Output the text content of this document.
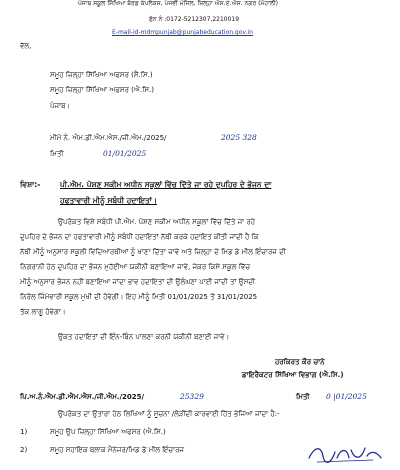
ਪੰਜਾਬ ਸਕੂਲ ਸਿੱਖਿਆ ਬੋਰਡ ਕੰਪਲੈਕਸ, ਪੰਜਵੀਂ ਮੰਜਿਲ, ਜਿਲ੍ਹਾ ਐਸ.ਏ.ਐਸ. ਨਗਰ (ਮੋਹਾਲੀ)
ਫੋਨ ਨੰ :0172-5212307,2210019
E-mail-id-mdmpunjab@punjabeducation.gov.in
ਵੱਲ,
ਸਮੂਹ ਜ਼ਿਲ੍ਹਾ ਸਿੱਖਿਆ ਅਫਸਰ (ਸੈ.ਸਿ.)
ਸਮੂਹ ਜ਼ਿਲ੍ਹਾ ਸਿੱਖਿਆ ਅਫਸਰ (ਐ.ਸਿ.)
ਪੰਜਾਬ।
ਮੀਮੋ ਨੰ. ਐਮ.ਡੀ.ਐਮ.ਐਸ./ਜੀ.ਐਮ./2025/	2025 328
ਮਿਤੀ	01/01/2025
ਵਿਸ਼ਾ:-	ਪੀ.ਐਮ. ਪੋਸ਼ਣ ਸਕੀਮ ਅਧੀਨ ਸਕੂਲਾਂ ਵਿੱਚ ਦਿੱਤੇ ਜਾ ਰਹੇ ਦੁਪਹਿਰ ਦੇ ਭੋਜਨ ਦਾ
ਹਫਤਾਵਾਰੀ ਮੀਨੂੰ ਸਬੰਧੀ ਹਦਾਇਤਾਂ।
ਉਪਰੋਕਤ ਵਿਸ਼ੇ ਸਬੰਧੀ ਪੀ.ਐਮ. ਪੋਸ਼ਣ ਸਕੀਮ ਅਧੀਨ ਸਕੂਲਾਂ ਵਿੱਚ ਦਿੱਤੇ ਜਾ ਰਹੇ
ਦੁਪਹਿਰ ਦੇ ਭੋਜਨ ਦਾ ਹਫਤਾਵਾਰੀ ਮੀਨੂੰ ਸਬੰਧੀ ਹਦਾਇਤਾਂ ਨੱਥੀ ਕਰਕੇ ਹਦਾਇਤ ਕੀਤੀ ਜਾਂਦੀ ਹੈ ਕਿ
ਨੱਥੀ ਮੀਨੂੰ ਅਨੁਸਾਰ ਸਕੂਲੀ ਵਿਦਿਆਰਥੀਆਂ ਨੂੰ ਖਾਣਾ ਦਿੱਤਾ ਜਾਵੇ ਅਤੇ ਜ਼ਿਲ੍ਹਾ ਦੇ ਮਿਡ ਡੇ ਮੀਲ ਇੰਚਾਰਜ ਦੀ
ਨਿਗਰਾਨੀ ਹੇਠ ਦੁਪਹਿਰ ਦਾ ਭੋਜਨ ਮੁਹੱਈਆ ਯਕੀਨੀ ਬਣਾਇਆ ਜਾਵੇ, ਜੇਕਰ ਕਿਸੇ ਸਕੂਲ ਵਿੱਚ
ਮੀਨੂੰ ਅਨੁਸਾਰ ਭੋਜਨ ਨਹੀਂ ਬਣਾਇਆ ਜਾਂਦਾ ਭਾਵ ਹਦਾਇਤਾਂ ਦੀ ਉਲੰਘਣਾ ਪਾਈ ਜਾਂਦੀ ਤਾਂ ਉਸਦੀ
ਨਿਰੋਲ ਜਿੰਮੇਵਾਰੀ ਸਕੂਲ ਮੁਖੀ ਦੀ ਹੋਵੇਗੀ। ਇਹ ਮੀਨੂੰ ਮਿਤੀ 01/01/2025 ਤੋਂ 31/01/2025
ਤੱਕ ਲਾਗੂ ਹੋਵੇਗਾ।
ਉਕਤ ਹਦਾਇਤਾਂ ਦੀ ਇੰਨ-ਬਿੰਨ ਪਾਲਣਾ ਕਰਨੀ ਯਕੀਨੀ ਬਣਾਈ ਜਾਵੇ।
ਹਰਕਿਰਤ ਕੌਰ ਚਾਨੇ
ਡਾਇਰੈਕਟਰ ਸਿੱਖਿਆ ਵਿਭਾਗ (ਐ.ਸਿ.)
ਪਿ.ਅ.ਨੰ.ਐਮ.ਡੀ.ਐਮ.ਐਸ./ਜੀ.ਐਮ./2025/	25329	ਮਿਤੀ 0 |01/2025
ਉਪਰੋਕਤ ਦਾ ਉਤਾਰਾ ਹੇਠ ਲਿਖਿਆਂ ਨੂੰ ਸੂਚਨਾ /ਲੋੜੀਂਦੀ ਕਾਰਵਾਈ ਹਿੱਤ ਭੇਜਿਆ ਜਾਂਦਾ ਹੈ:-
1)	ਸਮੂਹ ਉਪ ਜ਼ਿਲ੍ਹਾ ਸਿੱਖਿਆ ਅਫਸਰ (ਐ.ਸਿ.)
2)	ਸਮੂਹ ਸਹਾਇਕ ਬਲਾਕ ਮੈਨੇਜਰ/ਮਿਡ ਡੇ ਮੀਲ ਇੰਚਾਰਜ
